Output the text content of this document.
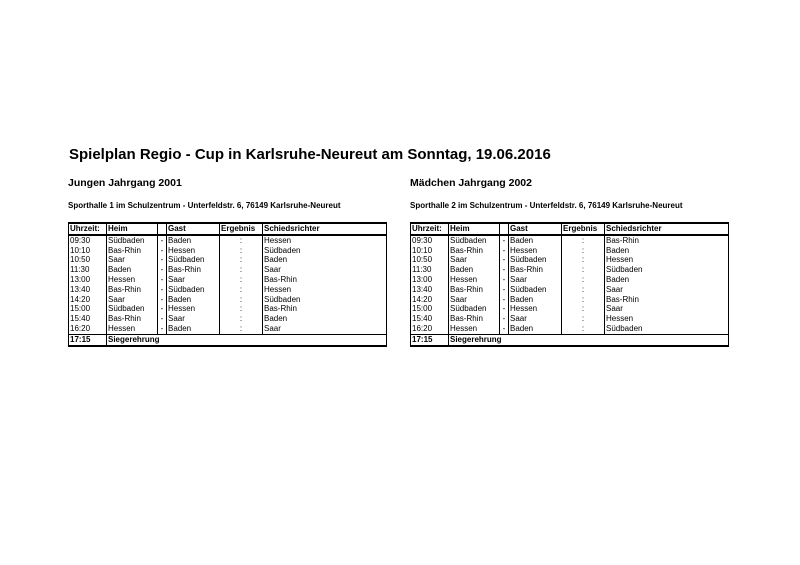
Spielplan Regio - Cup in Karlsruhe-Neureut am Sonntag, 19.06.2016
Jungen Jahrgang 2001
Sporthalle 1 im Schulzentrum - Unterfeldstr. 6, 76149 Karlsruhe-Neureut
Uhrzeit:	Heim		Gast	Ergebnis	Schiedsrichter
09:30	Südbaden	-	Baden	:	Hessen
10:10	Bas-Rhin	-	Hessen	:	Südbaden
10:50	Saar	-	Südbaden	:	Baden
11:30	Baden	-	Bas-Rhin	:	Saar
13:00	Hessen	-	Saar	:	Bas-Rhin
13:40	Bas-Rhin	-	Südbaden	:	Hessen
14:20	Saar	-	Baden	:	Südbaden
15:00	Südbaden	-	Hessen	:	Bas-Rhin
15:40	Bas-Rhin	-	Saar	:	Baden
16:20	Hessen	-	Baden	:	Saar
17:15	Siegerehrung				
Mädchen Jahrgang 2002
Sporthalle 2 im Schulzentrum - Unterfeldstr. 6, 76149 Karlsruhe-Neureut
Uhrzeit:	Heim		Gast	Ergebnis	Schiedsrichter
09:30	Südbaden	-	Baden	:	Bas-Rhin
10:10	Bas-Rhin	-	Hessen	:	Baden
10:50	Saar	-	Südbaden	:	Hessen
11:30	Baden	-	Bas-Rhin	:	Südbaden
13:00	Hessen	-	Saar	:	Baden
13:40	Bas-Rhin	-	Südbaden	:	Saar
14:20	Saar	-	Baden	:	Bas-Rhin
15:00	Südbaden	-	Hessen	:	Saar
15:40	Bas-Rhin	-	Saar	:	Hessen
16:20	Hessen	-	Baden	:	Südbaden
17:15	Siegerehrung				
